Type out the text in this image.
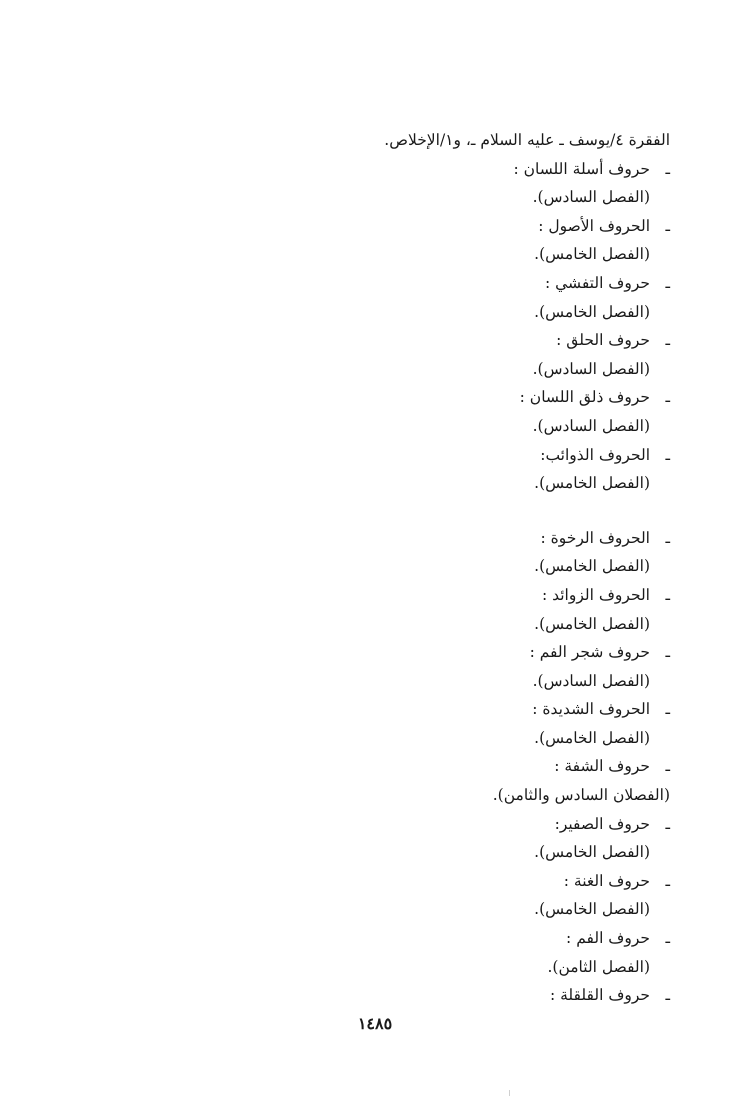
الفقرة ٤/يوسف ـ عليه السلام ـ، و١/الإخلاص.
ـحروف أسلة اللسان :
(الفصل السادس).
ـالحروف الأصول :
(الفصل الخامس).
ـحروف التفشي :
(الفصل الخامس).
ـحروف الحلق :
(الفصل السادس).
ـحروف ذلق اللسان :
(الفصل السادس).
ـالحروف الذوائب:
(الفصل الخامس).
ـالحروف الرخوة :
(الفصل الخامس).
ـالحروف الزوائد :
(الفصل الخامس).
ـحروف شجر الفم :
(الفصل السادس).
ـالحروف الشديدة :
(الفصل الخامس).
ـحروف الشفة :
(الفصلان السادس والثامن).
ـحروف الصفير:
(الفصل الخامس).
ـحروف الغنة :
(الفصل الخامس).
ـحروف الفم :
(الفصل الثامن).
ـحروف القلقلة :
١٤٨٥
